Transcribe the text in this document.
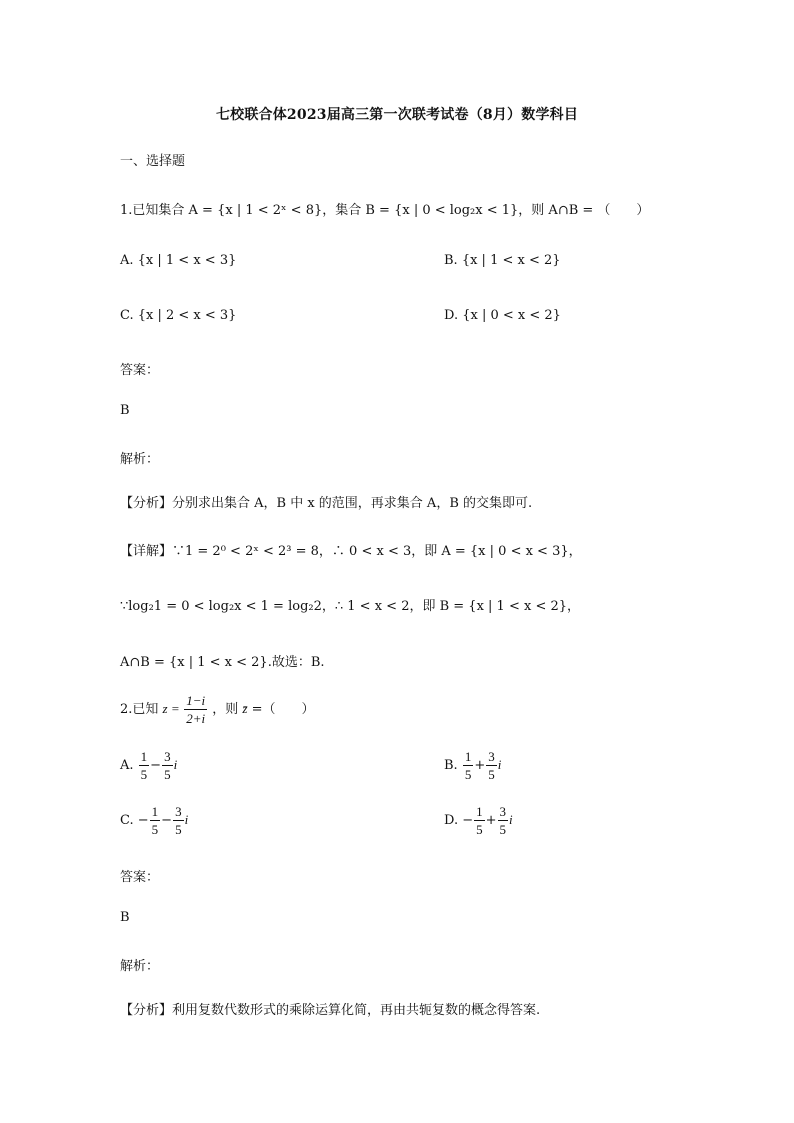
七校联合体2023届高三第一次联考试卷（8月）数学科目
一、选择题
1.已知集合 A = {x | 1 < 2ˣ < 8}，集合 B = {x | 0 < log₂x < 1}，则 A∩B = （　　）
A. {x | 1 < x < 3}	B. {x | 1 < x < 2}
C. {x | 2 < x < 3}	D. {x | 0 < x < 2}
答案：
B
解析：
【分析】分别求出集合 A，B 中 x 的范围，再求集合 A，B 的交集即可.
【详解】∵1 = 2⁰ < 2ˣ < 2³ = 8，∴ 0 < x < 3，即 A = {x | 0 < x < 3}，
∵log₂1 = 0 < log₂x < 1 = log₂2，∴ 1 < x < 2，即 B = {x | 1 < x < 2}，
A∩B = {x | 1 < x < 2}.故选：B.
2.已知 $z = \frac{1-i}{2+i}$ ，则 z̄ =（　　）
A. $\frac{1}{5} - \frac{3}{5}$ i	B. $\frac{1}{5} + \frac{3}{5}$ i
C. − $\frac{1}{5} - \frac{3}{5}$ i	D. − $\frac{1}{5} + \frac{3}{5}$ i
答案：
B
解析：
【分析】利用复数代数形式的乘除运算化简，再由共轭复数的概念得答案.
